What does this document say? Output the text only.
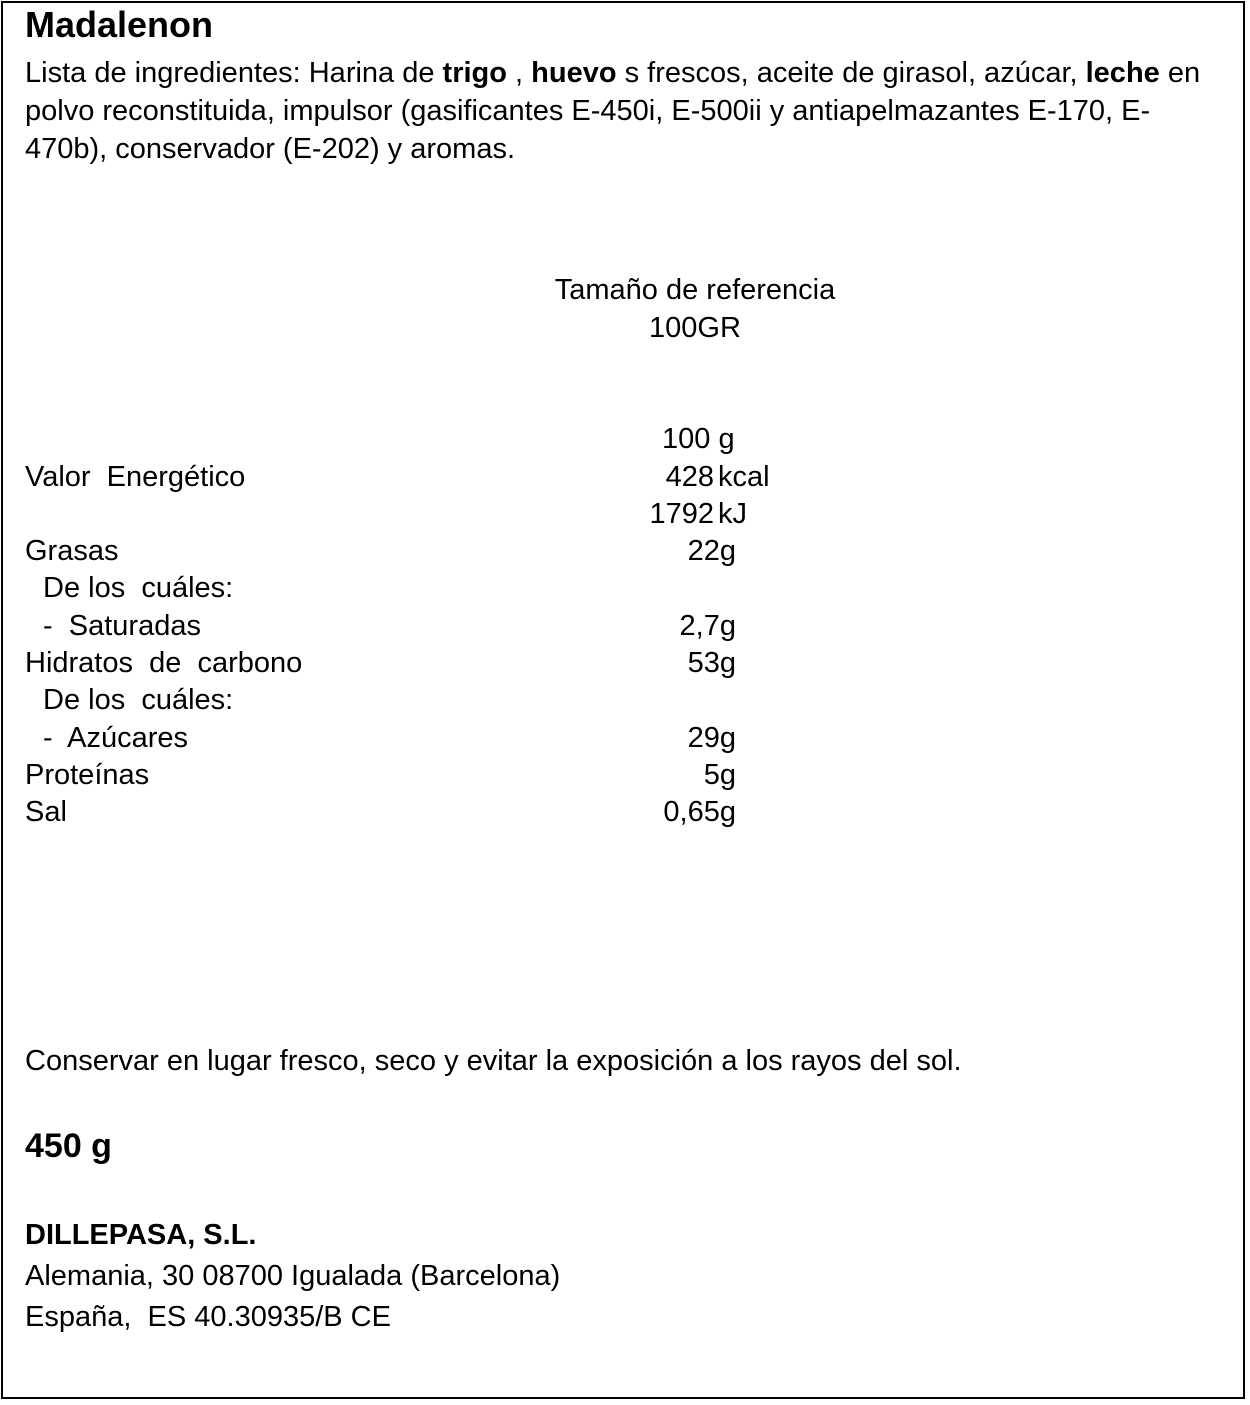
Madalenon
Lista de ingredientes: Harina de trigo , huevo s frescos, aceite de girasol, azúcar, leche en polvo reconstituida, impulsor (gasificantes E-450i, E-500ii y antiapelmazantes E-170, E- 470b), conservador (E-202) y aromas.
Tamaño de referencia
100GR
100 g
Valor  Energético	428 kcal
1792 kJ
Grasas	22g
De los  cuáles:
-  Saturadas	2,7g
Hidratos  de  carbono	53g
De los  cuáles:
-  Azúcares	29g
Proteínas	5g
Sal	0,65g
Conservar en lugar fresco, seco y evitar la exposición a los rayos del sol.
450 g
DILLEPASA, S.L.
Alemania, 30 08700 Igualada (Barcelona)
España,  ES 40.30935/B CE
